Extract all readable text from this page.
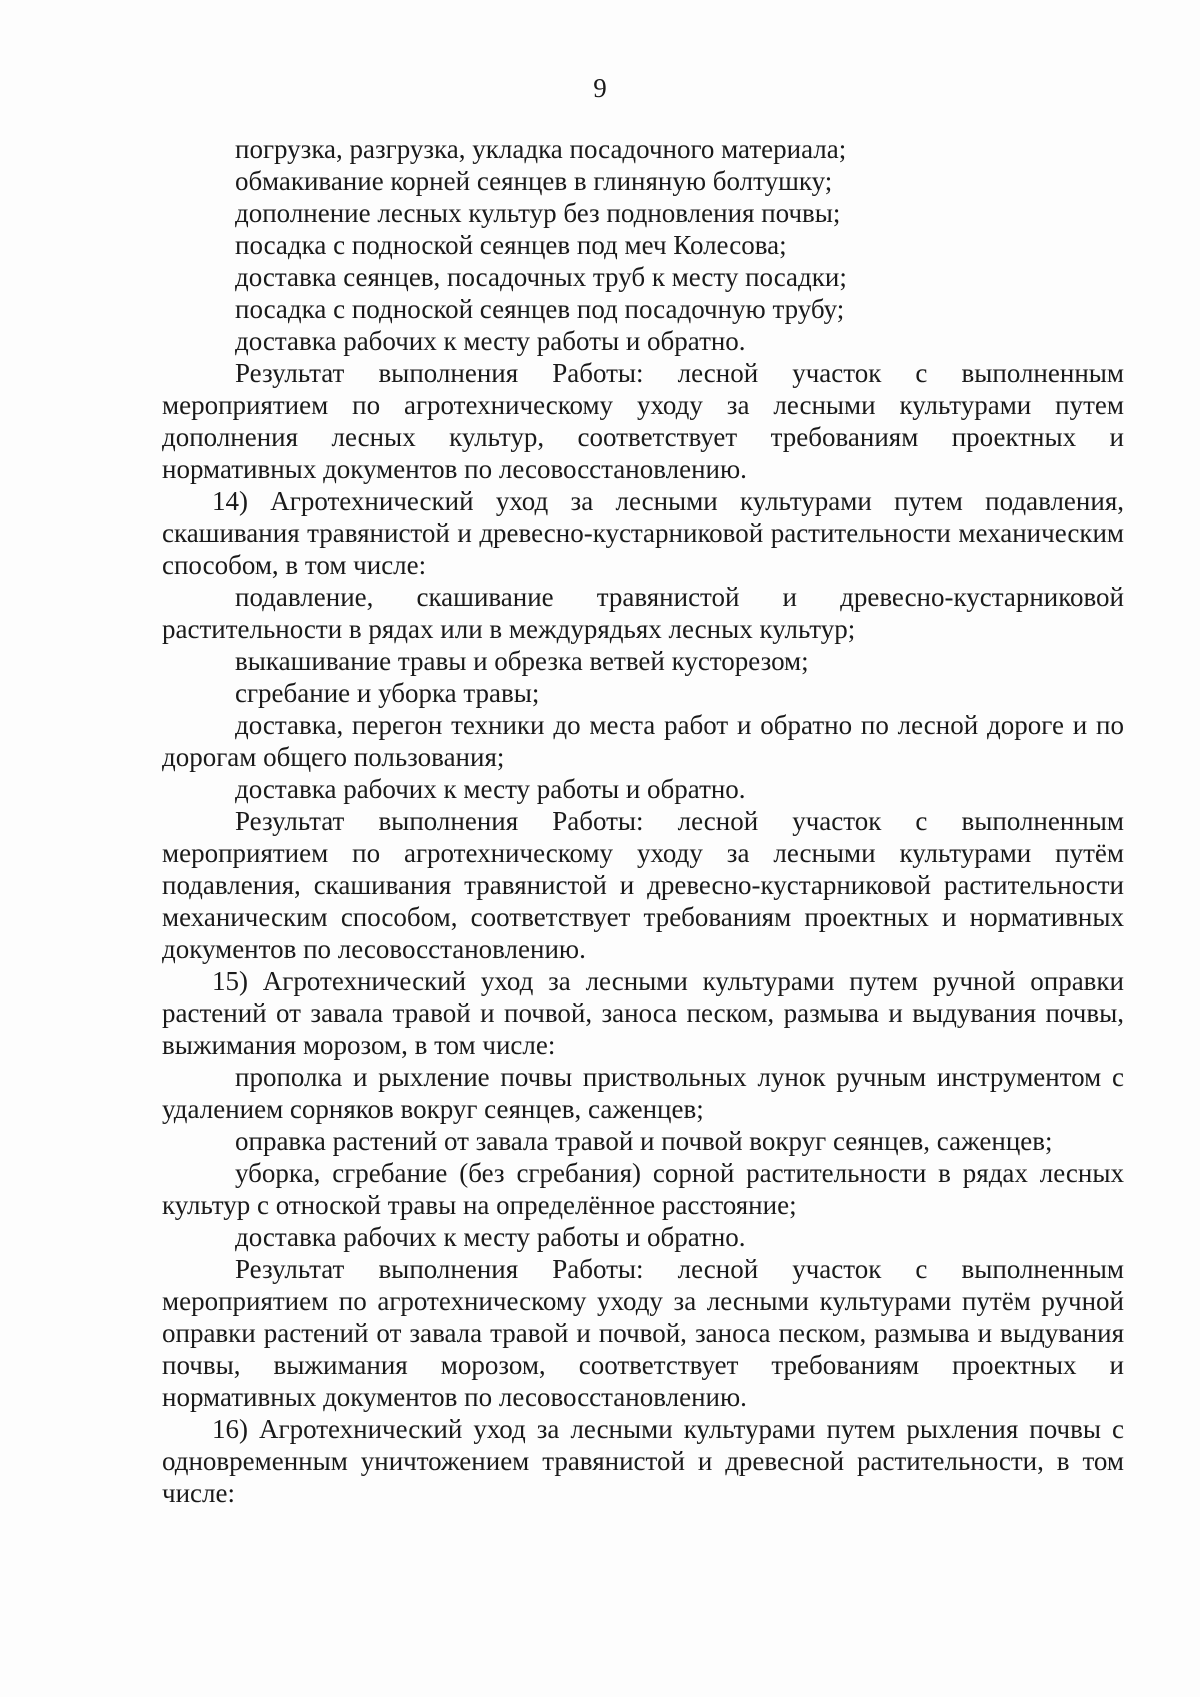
9

погрузка, разгрузка, укладка посадочного материала;

обмакивание корней сеянцев в глиняную болтушку;

дополнение лесных культур без подновления почвы;

посадка с подноской сеянцев под меч Колесова;

доставка сеянцев, посадочных труб к месту посадки;

посадка с подноской сеянцев под посадочную трубу;

доставка рабочих к месту работы и обратно.

Результат выполнения Работы: лесной участок с выполненным мероприятием по агротехническому уходу за лесными культурами путем дополнения лесных культур, соответствует требованиям проектных и нормативных документов по лесовосстановлению.

14) Агротехнический уход за лесными культурами путем подавления, скашивания травянистой и древесно-кустарниковой растительности механическим способом, в том числе:

подавление, скашивание травянистой и древесно-кустарниковой растительности в рядах или в междурядьях лесных культур;

выкашивание травы и обрезка ветвей кусторезом;

сгребание и уборка травы;

доставка, перегон техники до места работ и обратно по лесной дороге и по дорогам общего пользования;

доставка рабочих к месту работы и обратно.

Результат выполнения Работы: лесной участок с выполненным мероприятием по агротехническому уходу за лесными культурами путём подавления, скашивания травянистой и древесно-кустарниковой растительности механическим способом, соответствует требованиям проектных и нормативных документов по лесовосстановлению.

15) Агротехнический уход за лесными культурами путем ручной оправки растений от завала травой и почвой, заноса песком, размыва и выдувания почвы, выжимания морозом, в том числе:

прополка и рыхление почвы приствольных лунок ручным инструментом с удалением сорняков вокруг сеянцев, саженцев;

оправка растений от завала травой и почвой вокруг сеянцев, саженцев;

уборка, сгребание (без сгребания) сорной растительности в рядах лесных культур с отноской травы на определённое расстояние;

доставка рабочих к месту работы и обратно.

Результат выполнения Работы: лесной участок с выполненным мероприятием по агротехническому уходу за лесными культурами путём ручной оправки растений от завала травой и почвой, заноса песком, размыва и выдувания почвы, выжимания морозом, соответствует требованиям проектных и нормативных документов по лесовосстановлению.

16) Агротехнический уход за лесными культурами путем рыхления почвы с одновременным уничтожением травянистой и древесной растительности, в том числе:
